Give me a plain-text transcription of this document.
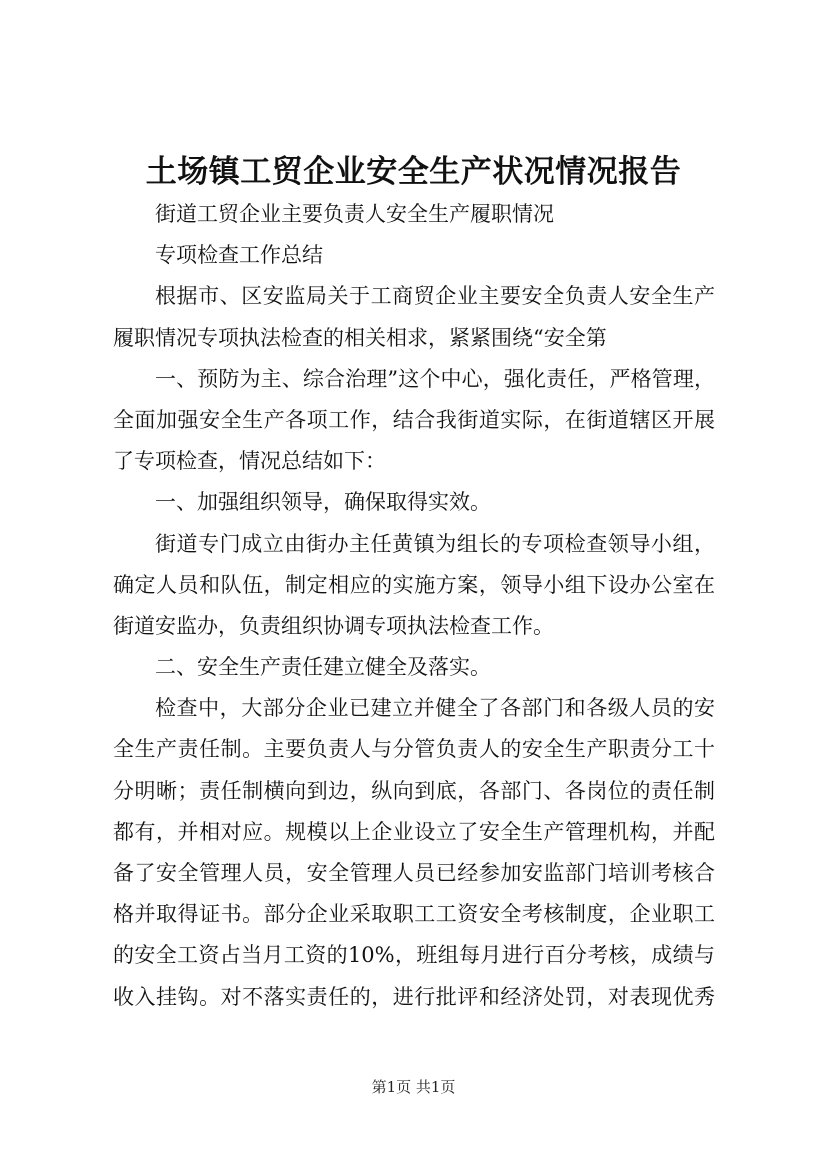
土场镇工贸企业安全生产状况情况报告
街道工贸企业主要负责人安全生产履职情况
专项检查工作总结
根据市、区安监局关于工商贸企业主要安全负责人安全生产
履职情况专项执法检查的相关相求，紧紧围绕“安全第
一、预防为主、综合治理”这个中心，强化责任，严格管理，
全面加强安全生产各项工作，结合我街道实际，在街道辖区开展
了专项检查，情况总结如下：
一、加强组织领导，确保取得实效。
街道专门成立由街办主任黄镇为组长的专项检查领导小组，
确定人员和队伍，制定相应的实施方案，领导小组下设办公室在
街道安监办，负责组织协调专项执法检查工作。
二、安全生产责任建立健全及落实。
检查中，大部分企业已建立并健全了各部门和各级人员的安
全生产责任制。主要负责人与分管负责人的安全生产职责分工十
分明晰；责任制横向到边，纵向到底，各部门、各岗位的责任制
都有，并相对应。规模以上企业设立了安全生产管理机构，并配
备了安全管理人员，安全管理人员已经参加安监部门培训考核合
格并取得证书。部分企业采取职工工资安全考核制度，企业职工
的安全工资占当月工资的10%，班组每月进行百分考核，成绩与
收入挂钩。对不落实责任的，进行批评和经济处罚，对表现优秀
第1页 共1页
